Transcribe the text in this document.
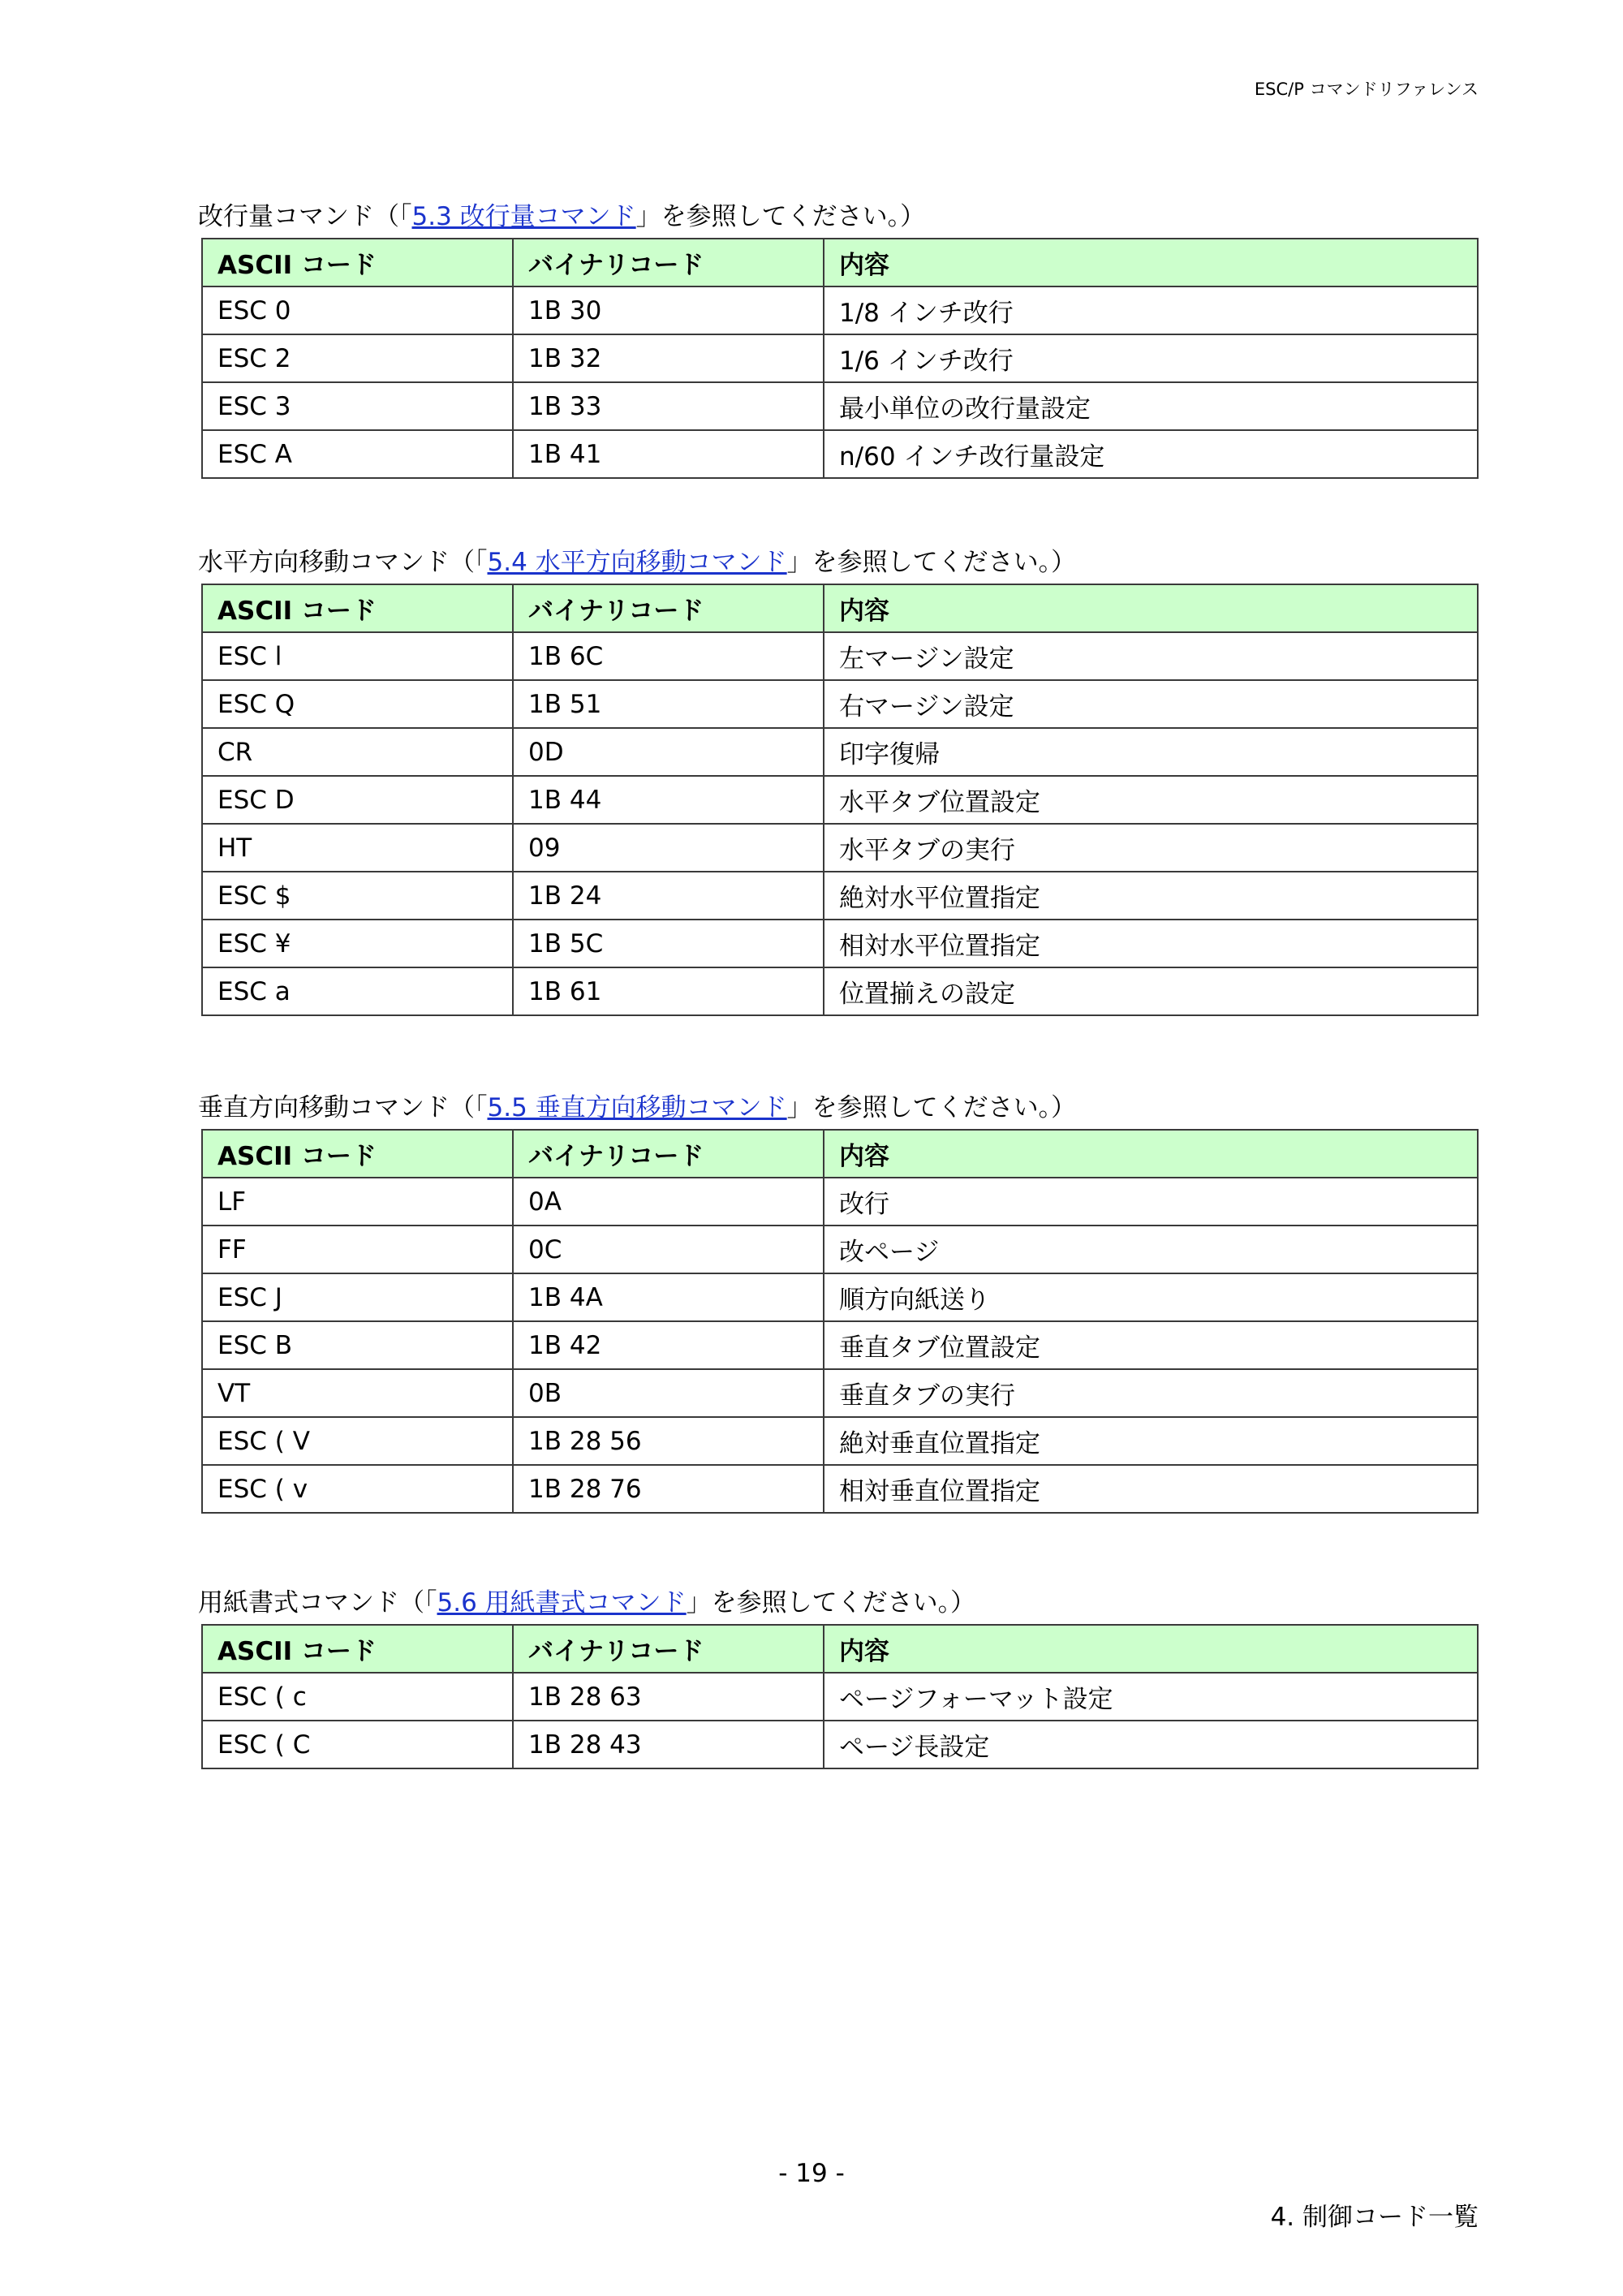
ESC/P コマンドリファレンス
改行量コマンド（「5.3 改行量コマンド」を参照してください。）
ASCII コード	バイナリコード	内容
ESC 0	1B 30	1/8 インチ改行
ESC 2	1B 32	1/6 インチ改行
ESC 3	1B 33	最小単位の改行量設定
ESC A	1B 41	n/60 インチ改行量設定
水平方向移動コマンド（「5.4 水平方向移動コマンド」を参照してください。）
ASCII コード	バイナリコード	内容
ESC l	1B 6C	左マージン設定
ESC Q	1B 51	右マージン設定
CR	0D	印字復帰
ESC D	1B 44	水平タブ位置設定
HT	09	水平タブの実行
ESC $	1B 24	絶対水平位置指定
ESC ¥	1B 5C	相対水平位置指定
ESC a	1B 61	位置揃えの設定
垂直方向移動コマンド（「5.5 垂直方向移動コマンド」を参照してください。）
ASCII コード	バイナリコード	内容
LF	0A	改行
FF	0C	改ページ
ESC J	1B 4A	順方向紙送り
ESC B	1B 42	垂直タブ位置設定
VT	0B	垂直タブの実行
ESC ( V	1B 28 56	絶対垂直位置指定
ESC ( v	1B 28 76	相対垂直位置指定
用紙書式コマンド（「5.6 用紙書式コマンド」を参照してください。）
ASCII コード	バイナリコード	内容
ESC ( c	1B 28 63	ページフォーマット設定
ESC ( C	1B 28 43	ページ長設定
- 19 -
4. 制御コード一覧
